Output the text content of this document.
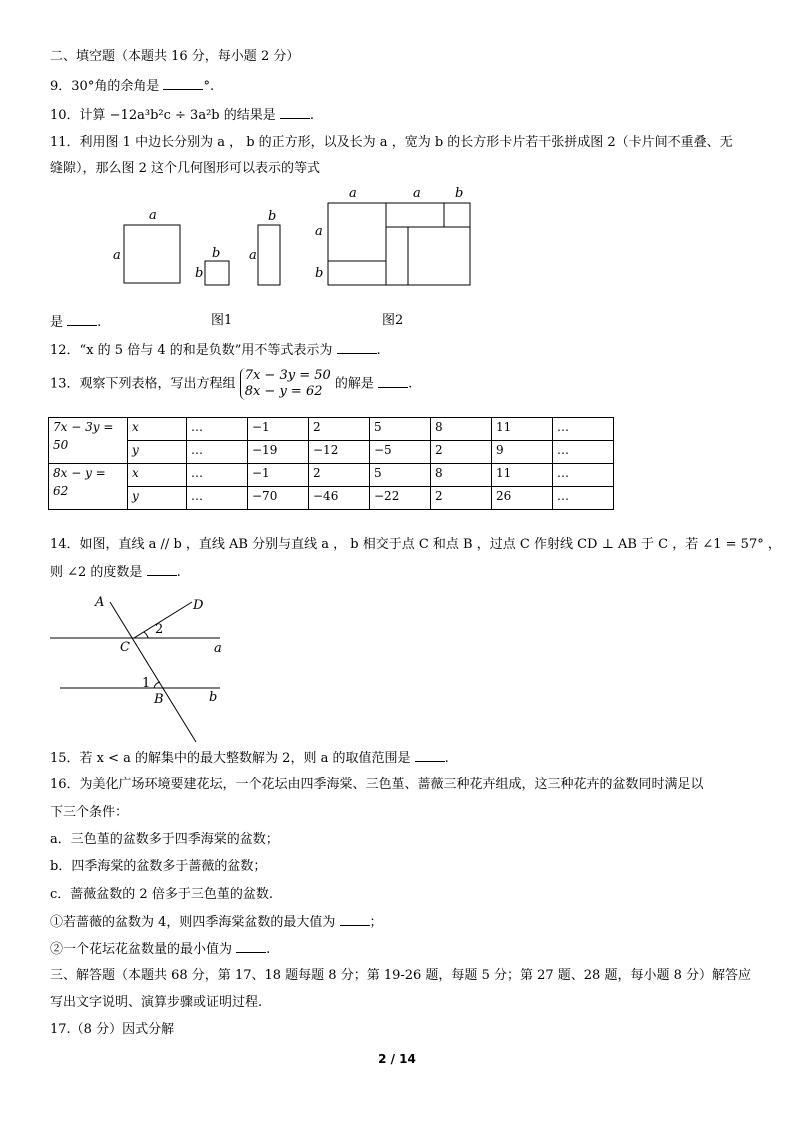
二、填空题（本题共 16 分，每小题 2 分）
9．30°角的余角是	°.
10．计算 −12a³b²c ÷ 3a²b 的结果是	.
11．利用图 1 中边长分别为 a ， b 的正方形，以及长为 a ，宽为 b 的长方形卡片若干张拼成图 2（卡片间不重叠、无
缝隙），那么图 2 这个几何图形可以表示的等式
a
a	b
b
b
a
a	a	b
a
b
是	.	图1	图2
12．“x 的 5 倍与 4 的和是负数”用不等式表示为	.
13．观察下列表格，写出方程组 7x − 3y = 50
8x − y = 62 的解是	.
7x − 3y = 50	x	…	−1	2	5	8	11	…
	y	…	−19	−12	−5	2	9	…
8x − y = 62	x	…	−1	2	5	8	11	…
	y	…	−70	−46	−22	2	26	…
14．如图，直线 a // b ，直线 AB 分别与直线 a ， b 相交于点 C 和点 B ，过点 C 作射线 CD ⊥ AB 于 C ，若 ∠1 = 57° ，
则 ∠2 的度数是	.
A	D
2
C	a
1
B	b
15．若 x < a 的解集中的最大整数解为 2，则 a 的取值范围是	.
16．为美化广场环境要建花坛，一个花坛由四季海棠、三色堇、蔷薇三种花卉组成，这三种花卉的盆数同时满足以
下三个条件：
a．三色堇的盆数多于四季海棠的盆数；
b．四季海棠的盆数多于蔷薇的盆数；
c．蔷薇盆数的 2 倍多于三色堇的盆数.
①若蔷薇的盆数为 4，则四季海棠盆数的最大值为	；
②一个花坛花盆数量的最小值为	.
三、解答题（本题共 68 分，第 17、18 题每题 8 分；第 19-26 题，每题 5 分；第 27 题、28 题，每小题 8 分）解答应
写出文字说明、演算步骤或证明过程.
17.（8 分）因式分解
2 / 14
